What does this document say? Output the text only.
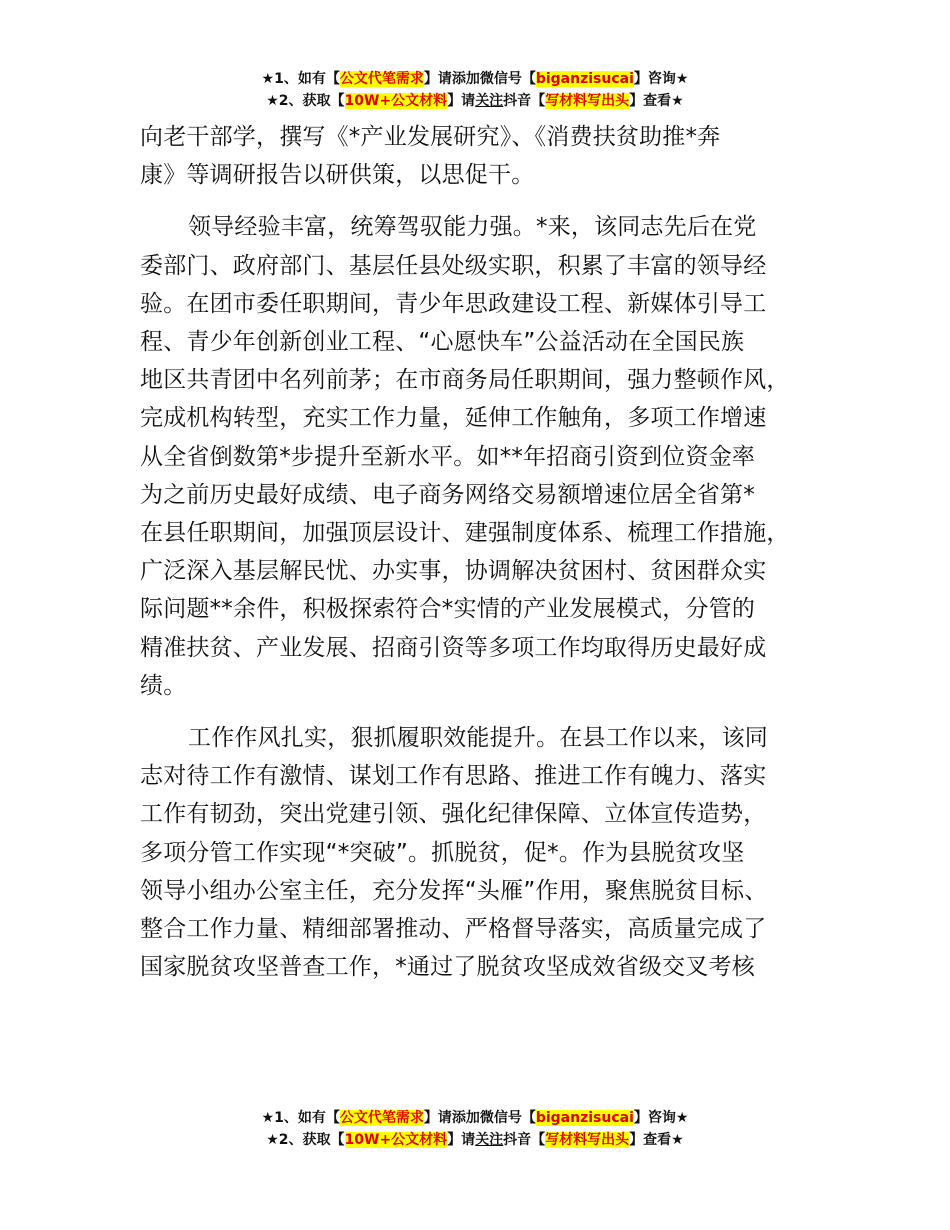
★1、如有【公文代笔需求】请添加微信号【biganzisucai】咨询★
★2、获取【10W+公文材料】请关注抖音【写材料写出头】查看★

向老干部学，撰写《*产业发展研究》、《消费扶贫助推*奔
康》等调研报告以研供策，以思促干。

领导经验丰富，统筹驾驭能力强。*来，该同志先后在党
委部门、政府部门、基层任县处级实职，积累了丰富的领导经
验。在团市委任职期间，青少年思政建设工程、新媒体引导工
程、青少年创新创业工程、“心愿快车”公益活动在全国民族
地区共青团中名列前茅；在市商务局任职期间，强力整顿作风，
完成机构转型，充实工作力量，延伸工作触角，多项工作增速
从全省倒数第*步提升至新水平。如**年招商引资到位资金率
为之前历史最好成绩、电子商务网络交易额增速位居全省第*
在县任职期间，加强顶层设计、建强制度体系、梳理工作措施，
广泛深入基层解民忧、办实事，协调解决贫困村、贫困群众实
际问题**余件，积极探索符合*实情的产业发展模式，分管的
精准扶贫、产业发展、招商引资等多项工作均取得历史最好成
绩。

工作作风扎实，狠抓履职效能提升。在县工作以来，该同
志对待工作有激情、谋划工作有思路、推进工作有魄力、落实
工作有韧劲，突出党建引领、强化纪律保障、立体宣传造势，
多项分管工作实现“*突破”。抓脱贫，促*。作为县脱贫攻坚
领导小组办公室主任，充分发挥“头雁”作用，聚焦脱贫目标、
整合工作力量、精细部署推动、严格督导落实，高质量完成了
国家脱贫攻坚普查工作，*通过了脱贫攻坚成效省级交叉考核

★1、如有【公文代笔需求】请添加微信号【biganzisucai】咨询★
★2、获取【10W+公文材料】请关注抖音【写材料写出头】查看★
